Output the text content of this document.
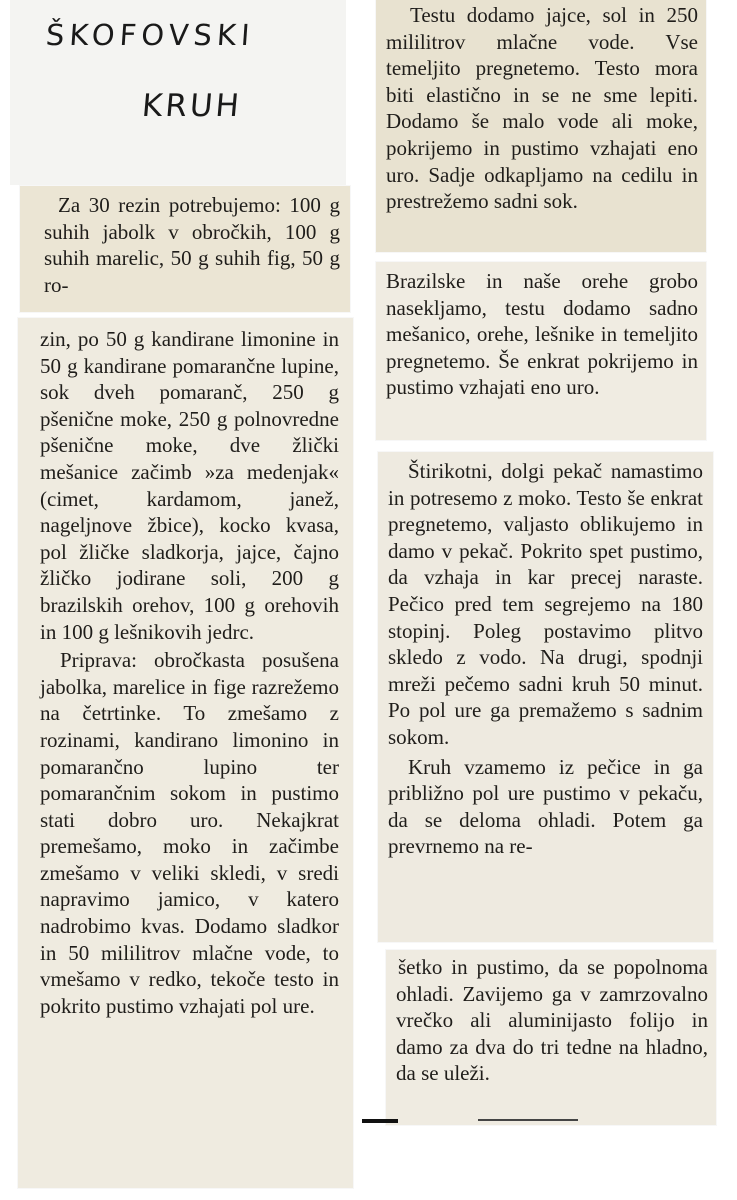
ŠKOFOVSKI
KRUH

Za 30 rezin potrebujemo: 100 g suhih jabolk v obročkih, 100 g suhih marelic, 50 g suhih fig, 50 g ro-

zin, po 50 g kandirane limonine in 50 g kandirane pomarančne lupine, sok dveh pomaranč, 250 g pšenične moke, 250 g polnovredne pšenične moke, dve žlički mešanice začimb »za medenjak« (cimet, kardamom, janež, nageljnove žbice), kocko kvasa, pol žličke sladkorja, jajce, čajno žličko jodirane soli, 200 g brazilskih orehov, 100 g orehovih in 100 g lešnikovih jedrc.

Priprava: obročkasta posušena jabolka, marelice in fige razrežemo na četrtinke. To zmešamo z rozinami, kandirano limonino in pomarančno lupino ter pomarančnim sokom in pustimo stati dobro uro. Nekajkrat premešamo, moko in začimbe zmešamo v veliki skledi, v sredi napravimo jamico, v katero nadrobimo kvas. Dodamo sladkor in 50 mililitrov mlačne vode, to vmešamo v redko, tekoče testo in pokrito pustimo vzhajati pol ure.

Testu dodamo jajce, sol in 250 mililitrov mlačne vode. Vse temeljito pregnetemo. Testo mora biti elastično in se ne sme lepiti. Dodamo še malo vode ali moke, pokrijemo in pustimo vzhajati eno uro. Sadje odkapljamo na cedilu in prestrežemo sadni sok.

Brazilske in naše orehe grobo nasekljamo, testu dodamo sadno mešanico, orehe, lešnike in temeljito pregnetemo. Še enkrat pokrijemo in pustimo vzhajati eno uro.

Štirikotni, dolgi pekač namastimo in potresemo z moko. Testo še enkrat pregnetemo, valjasto oblikujemo in damo v pekač. Pokrito spet pustimo, da vzhaja in kar precej naraste. Pečico pred tem segrejemo na 180 stopinj. Poleg postavimo plitvo skledo z vodo. Na drugi, spodnji mreži pečemo sadni kruh 50 minut. Po pol ure ga premažemo s sadnim sokom.

Kruh vzamemo iz pečice in ga približno pol ure pustimo v pekaču, da se deloma ohladi. Potem ga prevrnemo na re-

šetko in pustimo, da se popolnoma ohladi. Zavijemo ga v zamrzovalno vrečko ali aluminijasto folijo in damo za dva do tri tedne na hladno, da se uleži.
